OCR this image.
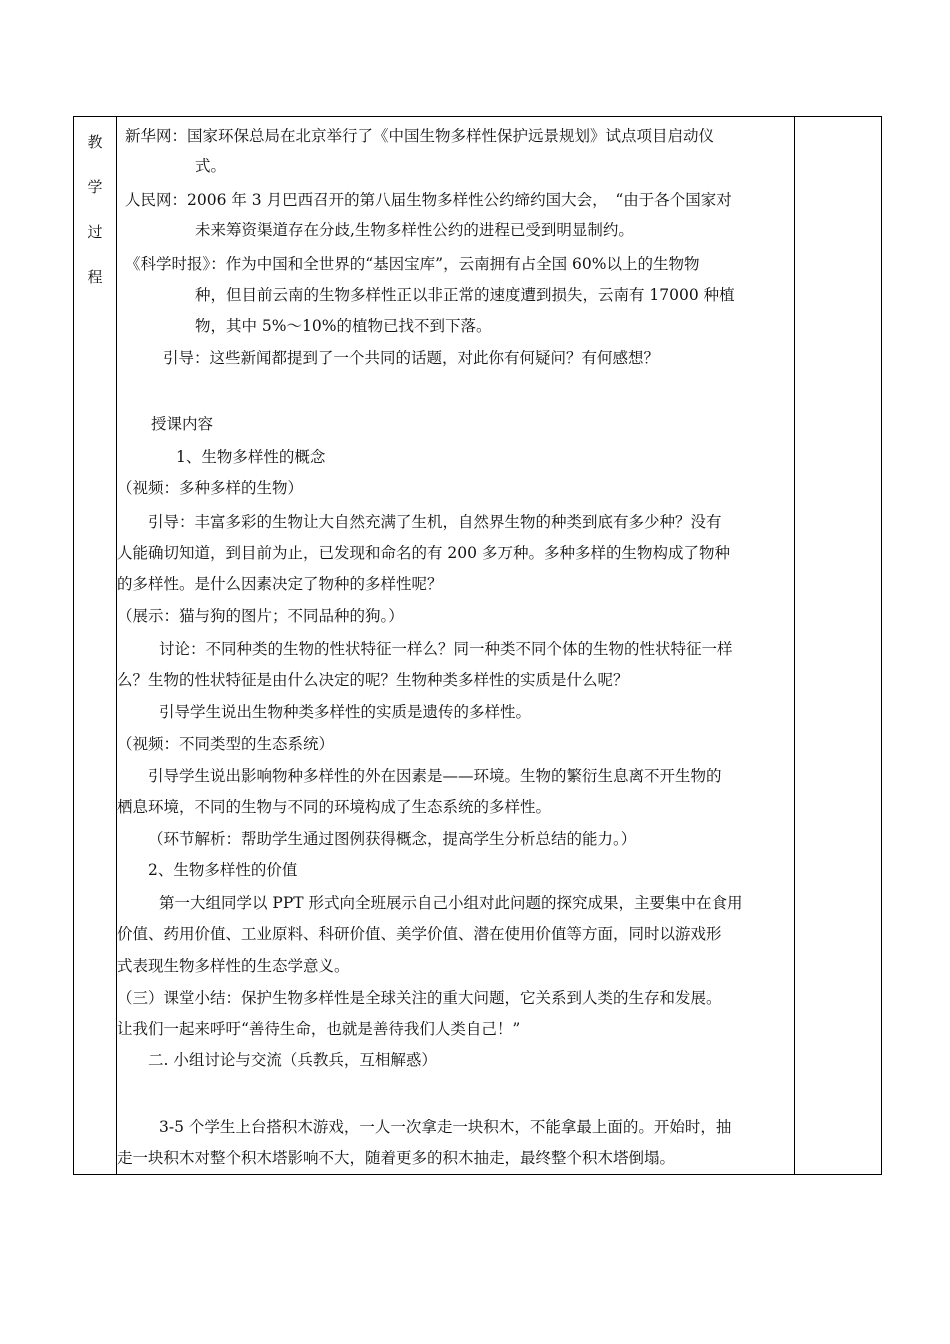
教
学
过
程

新华网：国家环保总局在北京举行了《中国生物多样性保护远景规划》试点项目启动仪
式。
人民网：2006 年 3 月巴西召开的第八届生物多样性公约缔约国大会，　“由于各个国家对
未来筹资渠道存在分歧,生物多样性公约的进程已受到明显制约。
《科学时报》：作为中国和全世界的“基因宝库”，云南拥有占全国 60%以上的生物物
种，但目前云南的生物多样性正以非正常的速度遭到损失，云南有 17000 种植
物，其中 5%～10%的植物已找不到下落。
引导：这些新闻都提到了一个共同的话题，对此你有何疑问？有何感想？
授课内容
1、生物多样性的概念
（视频：多种多样的生物）
引导：丰富多彩的生物让大自然充满了生机，自然界生物的种类到底有多少种？没有
人能确切知道，到目前为止，已发现和命名的有 200 多万种。多种多样的生物构成了物种
的多样性。是什么因素决定了物种的多样性呢？
（展示：猫与狗的图片；不同品种的狗。）
讨论：不同种类的生物的性状特征一样么？同一种类不同个体的生物的性状特征一样
么？生物的性状特征是由什么决定的呢？生物种类多样性的实质是什么呢？
引导学生说出生物种类多样性的实质是遗传的多样性。
（视频：不同类型的生态系统）
引导学生说出影响物种多样性的外在因素是——环境。生物的繁衍生息离不开生物的
栖息环境，不同的生物与不同的环境构成了生态系统的多样性。
（环节解析：帮助学生通过图例获得概念，提高学生分析总结的能力。）
2、生物多样性的价值
第一大组同学以 PPT 形式向全班展示自己小组对此问题的探究成果，主要集中在食用
价值、药用价值、工业原料、科研价值、美学价值、潜在使用价值等方面，同时以游戏形
式表现生物多样性的生态学意义。
（三）课堂小结：保护生物多样性是全球关注的重大问题，它关系到人类的生存和发展。
让我们一起来呼吁“善待生命，也就是善待我们人类自己！”
二. 小组讨论与交流（兵教兵，互相解惑）
3-5 个学生上台搭积木游戏，一人一次拿走一块积木，不能拿最上面的。开始时，抽
走一块积木对整个积木塔影响不大，随着更多的积木抽走，最终整个积木塔倒塌。
